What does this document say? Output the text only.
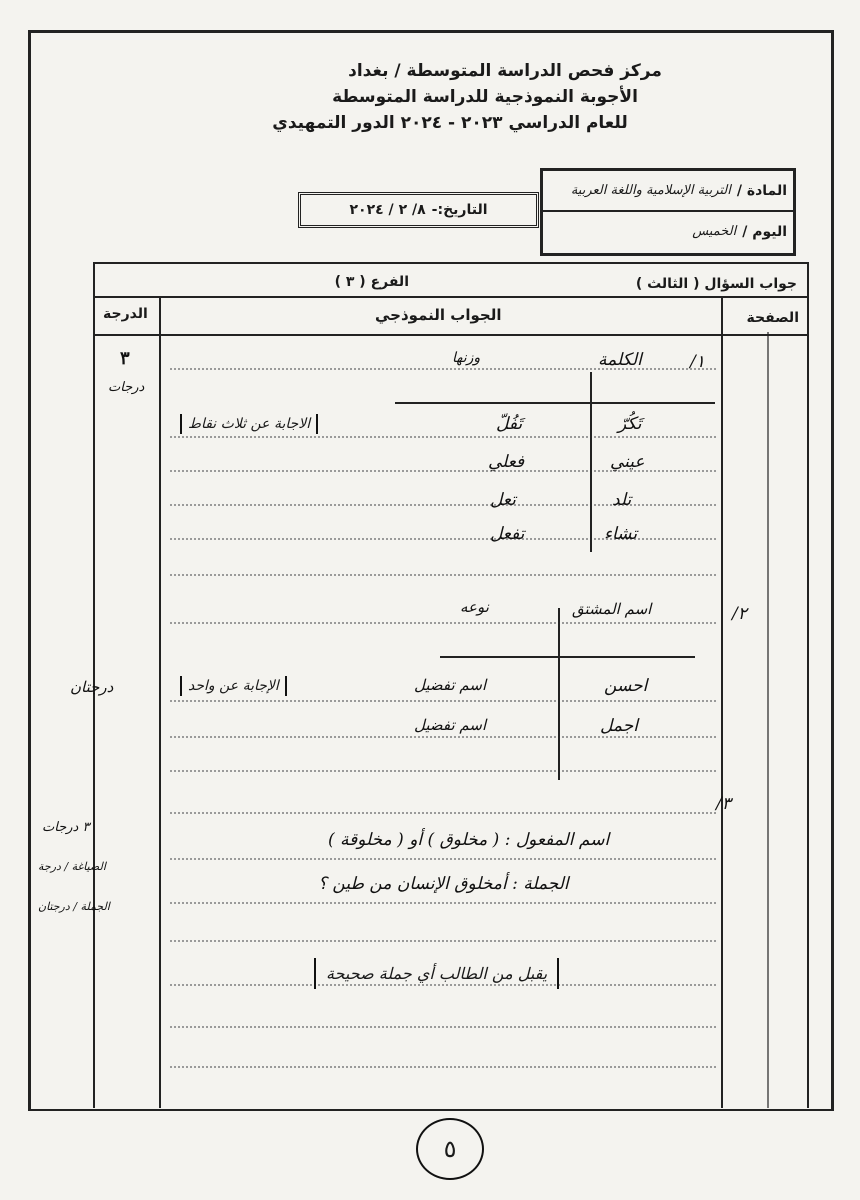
مركز فحص الدراسة المتوسطة / بغداد
الأجوبة النموذجية للدراسة المتوسطة
للعام الدراسي ٢٠٢٣ - ٢٠٢٤ الدور التمهيدي
المادة /
التربية الإسلامية واللغة العربية
اليوم /
الخميس
التاريخ:-
٨/ ٢ / ٢٠٢٤
جواب السؤال ( الثالث )
الفرع ( ٣ )
الصفحة
الجواب النموذجي
الدرجة
٣
درجات
درجتان
٣ درجات
الصياغة / درجة
الجملة / درجتان
١/
الكلمة
وزنها
تَكُرّ
تَفُلّ
عيني
فعلي
تلد
تعل
تشاء
تفعل
الاجابة عن ثلاث نقاط
٢/
اسم المشتق
نوعه
احسن
اسم تفضيل
اجمل
اسم تفضيل
الإجابة عن واحد
٣/
اسم المفعول : ( مخلوق ) أو ( مخلوقة )
الجملة : أمخلوق الإنسان من طين ؟
يقبل من الطالب أي جملة صحيحة
٥
